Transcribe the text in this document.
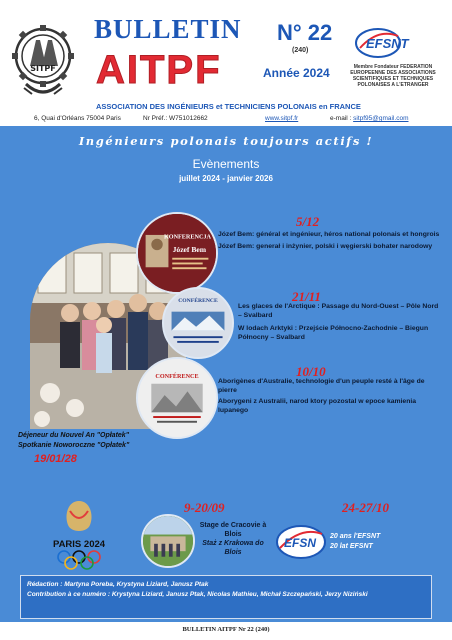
SITPF
BULLETIN
AITPF
N° 22
(240)
Année 2024
EFSNT
Membre Fondateur FEDERATION EUROPEENNE DES ASSOCIATIONS SCIENTIFIQUES ET TECHNIQUES POLONAISES A L'ETRANGER
ASSOCIATION DES INGÉNIEURS et TECHNICIENS POLONAIS en FRANCE
6, Quai d'Orléans 75004 Paris	Nr Préf.: W751012662	www.sitpf.fr	e-mail : sitpf95@gmail.com
Ingénieurs polonais toujours actifs !
Evènements
juillet 2024 - janvier 2026
Déjeneur du Nouvel An "Opłatek"
Spotkanie Noworoczne "Opłatek"
19/01/28
KONFERENCJA
Józef Bem
5/12
Józef Bem: général et ingénieur, héros national polonais et hongrois
Józef Bem: generał i inżynier, polski i węgierski bohater narodowy
CONFÉRENCE	21/11
Les glaces de l'Arctique : Passage du Nord-Ouest – Pôle Nord – Svalbard
W lodach Arktyki : Przejście Północno-Zachodnie – Biegun Północny – Svalbard
CONFÉRENCE	10/10
Aborigènes d'Australie, technologie d'un peuple resté à l'âge de pierre
Aborygeni z Australii, narod ktory pozostal w epoce kamienia lupanego
PARIS 2024
9-20/09
Stage de Cracovie à Blois
Staż z Krakowa do Blois
24-27/10
EFSN 20 ans l'EFSNT
20 lat EFSNT
Rédaction : Martyna Poreba, Krystyna Liziard, Janusz Ptak
Contribution à ce numéro : Krystyna Liziard, Janusz Ptak, Nicolas Mathieu, Michał Szczepański, Jerzy Niziński
BULLETIN AITPF Nr 22 (240)
